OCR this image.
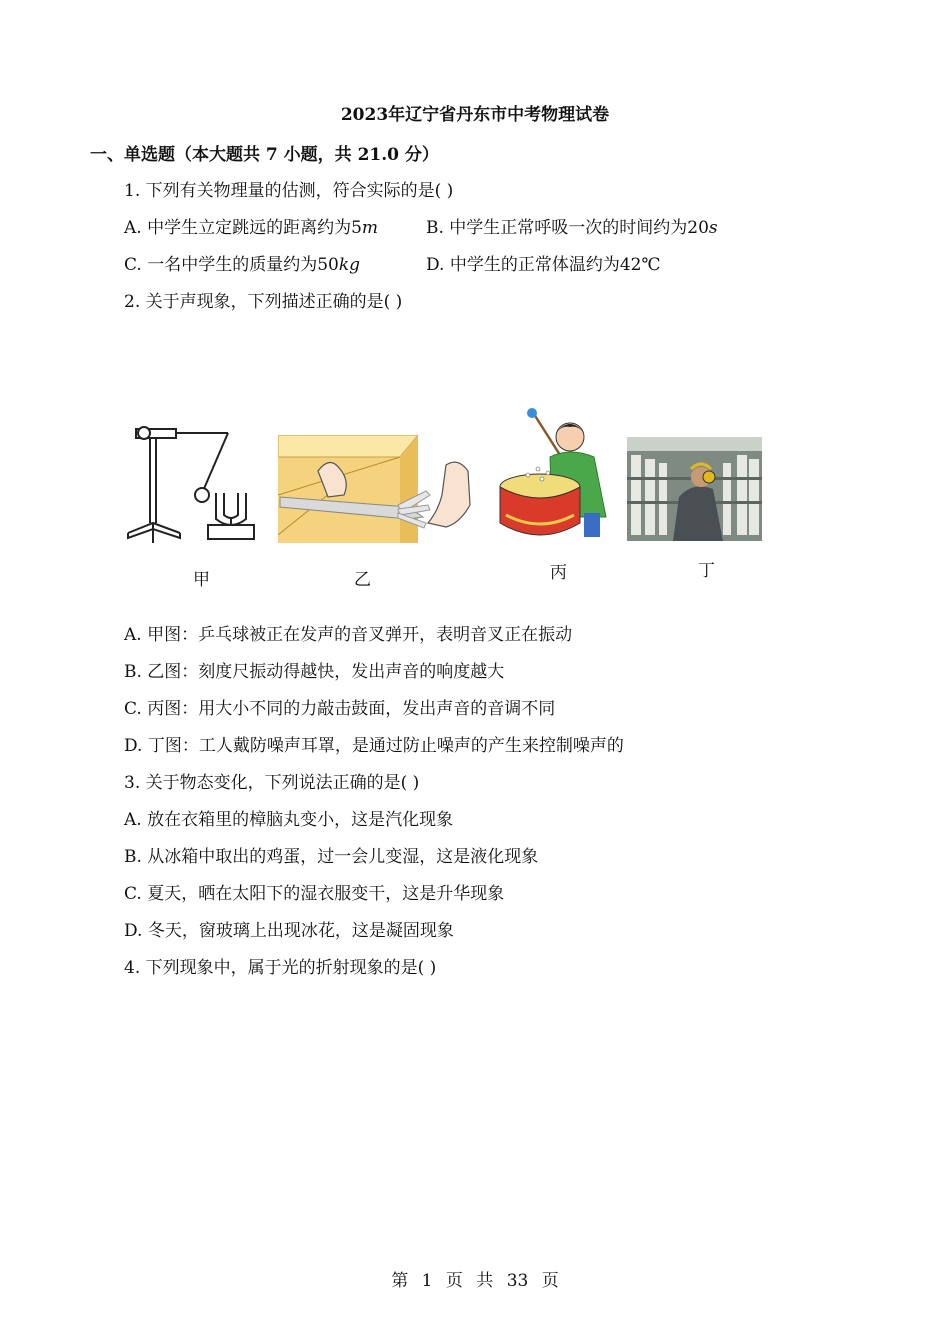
2023年辽宁省丹东市中考物理试卷
一、单选题（本大题共 7 小题，共 21.0 分）
1. 下列有关物理量的估测，符合实际的是( )
A. 中学生立定跳远的距离约为5𝑚	B. 中学生正常呼吸一次的时间约为20𝑠
C. 一名中学生的质量约为50𝑘𝑔	D. 中学生的正常体温约为42℃
2. 关于声现象，下列描述正确的是( )
甲	乙	丙	丁
A. 甲图：乒乓球被正在发声的音叉弹开，表明音叉正在振动
B. 乙图：刻度尺振动得越快，发出声音的响度越大
C. 丙图：用大小不同的力敲击鼓面，发出声音的音调不同
D. 丁图：工人戴防噪声耳罩，是通过防止噪声的产生来控制噪声的
3. 关于物态变化，下列说法正确的是( )
A. 放在衣箱里的樟脑丸变小，这是汽化现象
B. 从冰箱中取出的鸡蛋，过一会儿变湿，这是液化现象
C. 夏天，晒在太阳下的湿衣服变干，这是升华现象
D. 冬天，窗玻璃上出现冰花，这是凝固现象
4. 下列现象中，属于光的折射现象的是( )
第 1 页 共 33 页
